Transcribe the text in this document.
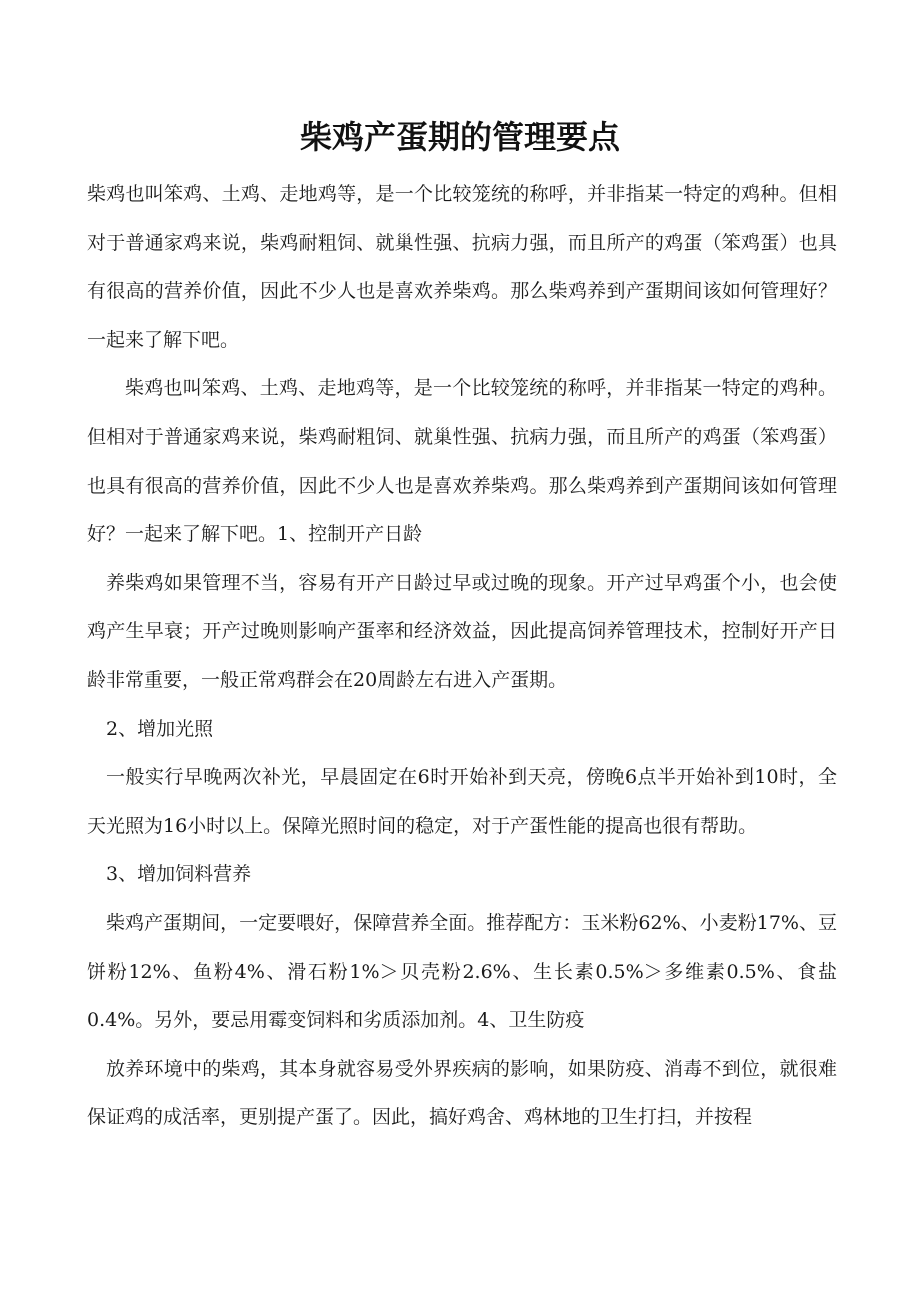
柴鸡产蛋期的管理要点

柴鸡也叫笨鸡、土鸡、走地鸡等，是一个比较笼统的称呼，并非指某一特定的鸡种。但相对于普通家鸡来说，柴鸡耐粗饲、就巢性强、抗病力强，而且所产的鸡蛋（笨鸡蛋）也具有很高的营养价值，因此不少人也是喜欢养柴鸡。那么柴鸡养到产蛋期间该如何管理好？一起来了解下吧。

柴鸡也叫笨鸡、土鸡、走地鸡等，是一个比较笼统的称呼，并非指某一特定的鸡种。但相对于普通家鸡来说，柴鸡耐粗饲、就巢性强、抗病力强，而且所产的鸡蛋（笨鸡蛋）也具有很高的营养价值，因此不少人也是喜欢养柴鸡。那么柴鸡养到产蛋期间该如何管理好？一起来了解下吧。1、控制开产日龄

养柴鸡如果管理不当，容易有开产日龄过早或过晚的现象。开产过早鸡蛋个小，也会使鸡产生早衰；开产过晚则影响产蛋率和经济效益，因此提高饲养管理技术，控制好开产日龄非常重要，一般正常鸡群会在20周龄左右进入产蛋期。

2、增加光照

一般实行早晚两次补光，早晨固定在6时开始补到天亮，傍晚6点半开始补到10时，全天光照为16小时以上。保障光照时间的稳定，对于产蛋性能的提高也很有帮助。

3、增加饲料营养

柴鸡产蛋期间，一定要喂好，保障营养全面。推荐配方：玉米粉62%、小麦粉17%、豆饼粉12%、鱼粉4%、滑石粉1%＞贝壳粉2.6%、生长素0.5%＞多维素0.5%、食盐0.4%。另外，要忌用霉变饲料和劣质添加剂。4、卫生防疫

放养环境中的柴鸡，其本身就容易受外界疾病的影响，如果防疫、消毒不到位，就很难保证鸡的成活率，更别提产蛋了。因此，搞好鸡舍、鸡林地的卫生打扫，并按程
